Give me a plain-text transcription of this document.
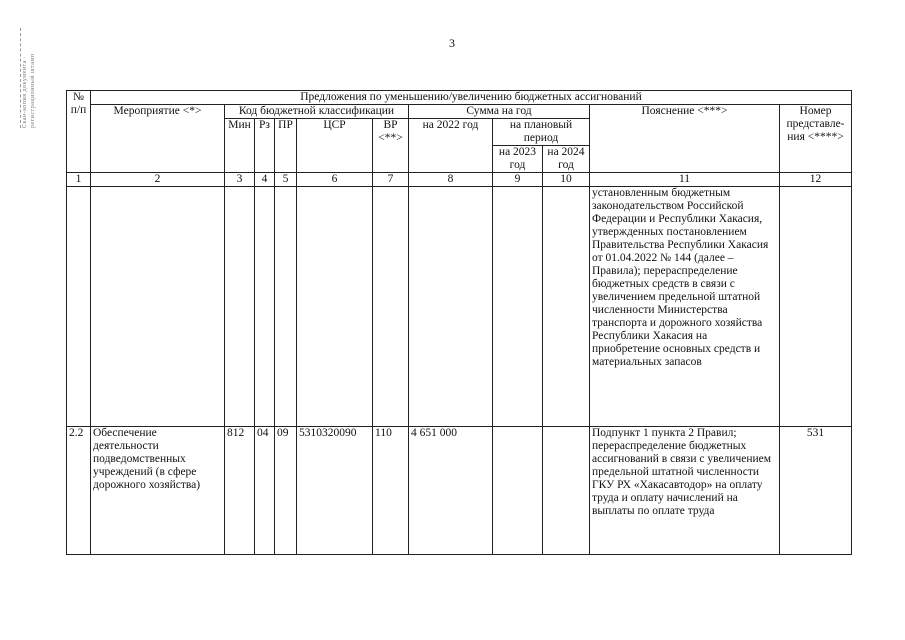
3
Скан-копия документа · регистрационный штамп	№ п/п	Предложения по уменьшению/увеличению бюджетных ассигнований										
	Мероприятие <*>	Код бюджетной классификации					Сумма на год			Пояснение <***>	Номер представле-ния <****>
		Мин	Рз	ПР	ЦСР	ВР <**>	на 2022 год	на плановый период			
								на 2023 год	на 2024 год		
1	2	3	4	5	6	7	8	9	10	11	12
										установленным бюджетным законодательством Российской Федерации и Республики Хакасия, утвержденных постановлением Правительства Республики Хакасия от 01.04.2022 № 144 (далее – Правила); перераспределение бюджетных средств в связи с увеличением предельной штатной численности Министерства транспорта и дорожного хозяйства Республики Хакасия на приобретение основных средств и материальных запасов	
2.2	Обеспечение деятельности подведомственных учреждений (в сфере дорожного хозяйства)	812	04	09	5310320090	110	4 651 000			Подпункт 1 пункта 2 Правил; перераспределение бюджетных ассигнований в связи с увеличением предельной штатной численности ГКУ РХ «Хакасавтодор» на оплату труда и оплату начислений на выплаты по оплате труда	531
